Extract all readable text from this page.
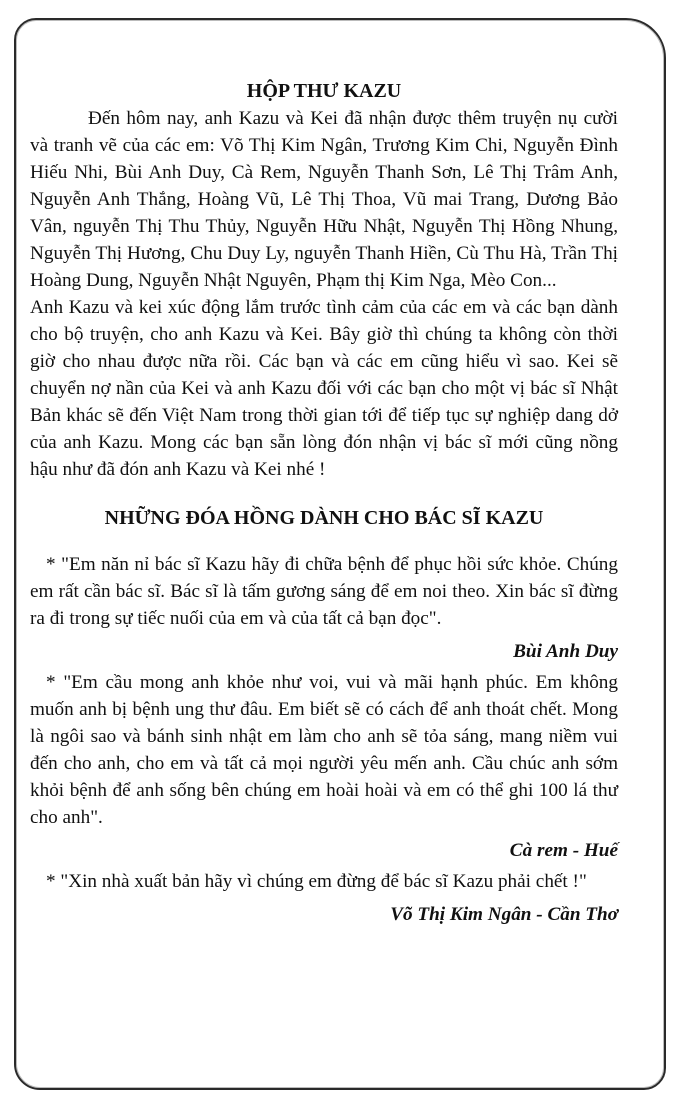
HỘP THƯ KAZU

Đến hôm nay, anh Kazu và Kei đã nhận được thêm truyện nụ cười và tranh vẽ của các em: Võ Thị Kim Ngân, Trương Kim Chi, Nguyễn Đình Hiếu Nhi, Bùi Anh Duy, Cà Rem, Nguyễn Thanh Sơn, Lê Thị Trâm Anh, Nguyễn Anh Thắng, Hoàng Vũ, Lê Thị Thoa, Vũ mai Trang, Dương Bảo Vân, nguyễn Thị Thu Thủy, Nguyễn Hữu Nhật, Nguyễn Thị Hồng Nhung, Nguyễn Thị Hương, Chu Duy Ly, nguyễn Thanh Hiền, Cù Thu Hà, Trần Thị Hoàng Dung, Nguyễn Nhật Nguyên, Phạm thị Kim Nga, Mèo Con...

Anh Kazu và kei xúc động lắm trước tình cảm của các em và các bạn dành cho bộ truyện, cho anh Kazu và Kei. Bây giờ thì chúng ta không còn thời giờ cho nhau được nữa rồi. Các bạn và các em cũng hiểu vì sao. Kei sẽ chuyển nợ nần của Kei và anh Kazu đối với các bạn cho một vị bác sĩ Nhật Bản khác sẽ đến Việt Nam trong thời gian tới để tiếp tục sự nghiệp dang dở của anh Kazu. Mong các bạn sẵn lòng đón nhận vị bác sĩ mới cũng nồng hậu như đã đón anh Kazu và Kei nhé !

NHỮNG ĐÓA HỒNG DÀNH CHO BÁC SĨ KAZU

* "Em năn nỉ bác sĩ Kazu hãy đi chữa bệnh để phục hồi sức khỏe. Chúng em rất cần bác sĩ. Bác sĩ là tấm gương sáng để em noi theo. Xin bác sĩ đừng ra đi trong sự tiếc nuối của em và của tất cả bạn đọc".

Bùi Anh Duy

* "Em cầu mong anh khỏe như voi, vui và mãi hạnh phúc. Em không muốn anh bị bệnh ung thư đâu. Em biết sẽ có cách để anh thoát chết. Mong là ngôi sao và bánh sinh nhật em làm cho anh sẽ tỏa sáng, mang niềm vui đến cho anh, cho em và tất cả mọi người yêu mến anh. Cầu chúc anh sớm khỏi bệnh để anh sống bên chúng em hoài hoài và em có thể ghi 100 lá thư cho anh".

Cà rem - Huế

* "Xin nhà xuất bản hãy vì chúng em đừng để bác sĩ Kazu phải chết !"

Võ Thị Kim Ngân - Cần Thơ
